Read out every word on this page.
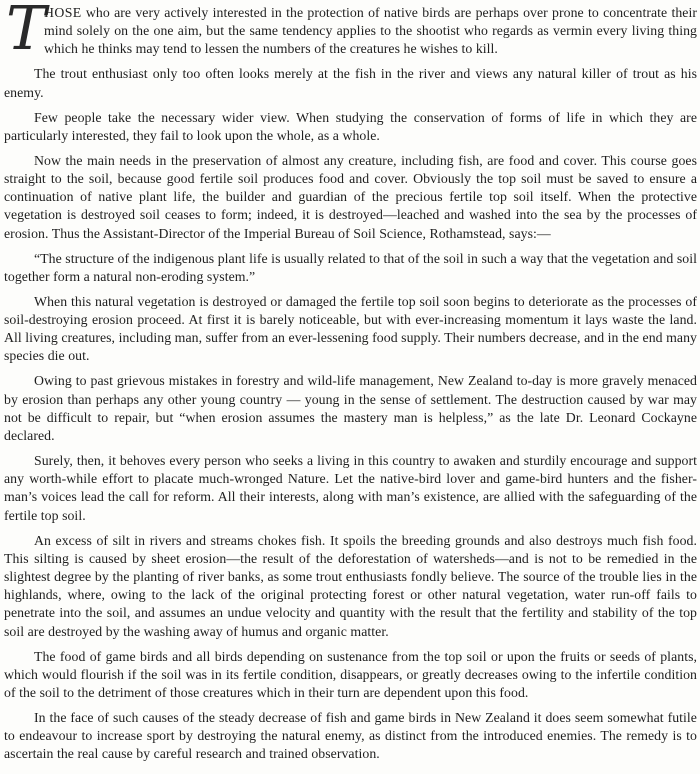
T
HOSE who are very actively interested in the protection of native birds are perhaps over prone to concentrate their mind solely on the one aim, but the same tendency applies to the shootist who regards as vermin every living thing which he thinks may tend to lessen the numbers of the creatures he wishes to kill.

The trout enthusiast only too often looks merely at the fish in the river and views any natural killer of trout as his enemy.

Few people take the necessary wider view. When studying the conservation of forms of life in which they are particularly interested, they fail to look upon the whole, as a whole.

Now the main needs in the preservation of almost any creature, including fish, are food and cover. This course goes straight to the soil, because good fertile soil produces food and cover. Obviously the top soil must be saved to ensure a continuation of native plant life, the builder and guardian of the precious fertile top soil itself. When the protective vegetation is destroyed soil ceases to form; indeed, it is destroyed—leached and washed into the sea by the processes of erosion. Thus the Assistant-Director of the Imperial Bureau of Soil Science, Rothamstead, says:—

“The structure of the indigenous plant life is usually related to that of the soil in such a way that the vegetation and soil together form a natural non-eroding system.”

When this natural vegetation is destroyed or damaged the fertile top soil soon begins to deteriorate as the processes of soil-destroying erosion proceed. At first it is barely noticeable, but with ever-increasing momentum it lays waste the land. All living creatures, including man, suffer from an ever-lessening food supply. Their numbers decrease, and in the end many species die out.

Owing to past grievous mistakes in forestry and wild-life management, New Zealand to-day is more gravely menaced by erosion than perhaps any other young country — young in the sense of settlement. The destruction caused by war may not be difficult to repair, but “when erosion assumes the mastery man is helpless,” as the late Dr. Leonard Cockayne declared.

Surely, then, it behoves every person who seeks a living in this country to awaken and sturdily encourage and support any worth-while effort to placate much-wronged Nature. Let the native-bird lover and game-bird hunters and the fisher-man’s voices lead the call for reform. All their interests, along with man’s existence, are allied with the safeguarding of the fertile top soil.

An excess of silt in rivers and streams chokes fish. It spoils the breeding grounds and also destroys much fish food. This silting is caused by sheet erosion—the result of the deforestation of watersheds—and is not to be remedied in the slightest degree by the planting of river banks, as some trout enthusiasts fondly believe. The source of the trouble lies in the highlands, where, owing to the lack of the original protecting forest or other natural vegetation, water run-off fails to penetrate into the soil, and assumes an undue velocity and quantity with the result that the fertility and stability of the top soil are destroyed by the washing away of humus and organic matter.

The food of game birds and all birds depending on sustenance from the top soil or upon the fruits or seeds of plants, which would flourish if the soil was in its fertile condition, disappears, or greatly decreases owing to the infertile condition of the soil to the detriment of those creatures which in their turn are dependent upon this food.

In the face of such causes of the steady decrease of fish and game birds in New Zealand it does seem somewhat futile to endeavour to increase sport by destroying the natural enemy, as distinct from the introduced enemies. The remedy is to ascertain the real cause by careful research and trained observation.
